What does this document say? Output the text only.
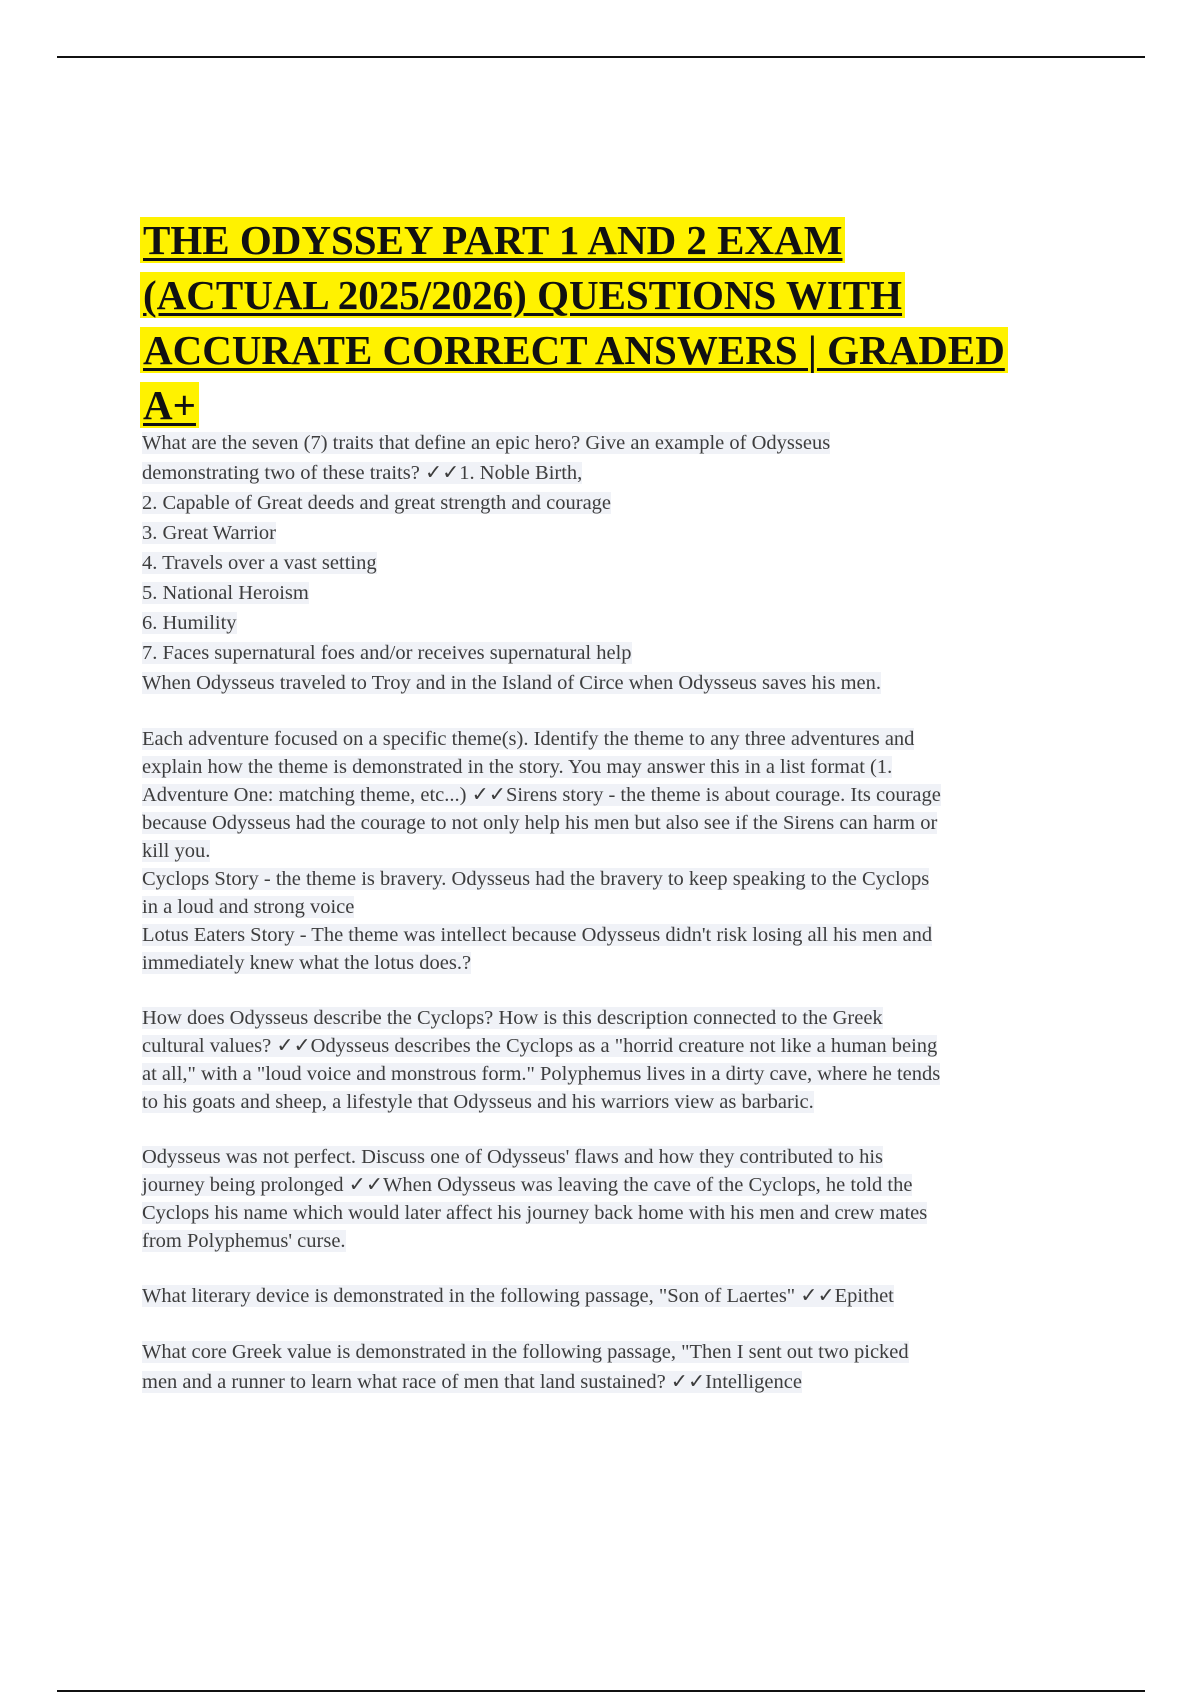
THE ODYSSEY PART 1 AND 2 EXAM
(ACTUAL 2025/2026) QUESTIONS WITH
ACCURATE CORRECT ANSWERS | GRADED
A+
What are the seven (7) traits that define an epic hero? Give an example of Odysseus
demonstrating two of these traits? ✓✓1. Noble Birth,
2. Capable of Great deeds and great strength and courage
3. Great Warrior
4. Travels over a vast setting
5. National Heroism
6. Humility
7. Faces supernatural foes and/or receives supernatural help
When Odysseus traveled to Troy and in the Island of Circe when Odysseus saves his men.
Each adventure focused on a specific theme(s). Identify the theme to any three adventures and
explain how the theme is demonstrated in the story. You may answer this in a list format (1.
Adventure One: matching theme, etc...) ✓✓Sirens story - the theme is about courage. Its courage
because Odysseus had the courage to not only help his men but also see if the Sirens can harm or
kill you.
Cyclops Story - the theme is bravery. Odysseus had the bravery to keep speaking to the Cyclops
in a loud and strong voice
Lotus Eaters Story - The theme was intellect because Odysseus didn't risk losing all his men and
immediately knew what the lotus does.?
How does Odysseus describe the Cyclops? How is this description connected to the Greek
cultural values? ✓✓Odysseus describes the Cyclops as a "horrid creature not like a human being
at all," with a "loud voice and monstrous form." Polyphemus lives in a dirty cave, where he tends
to his goats and sheep, a lifestyle that Odysseus and his warriors view as barbaric.
Odysseus was not perfect. Discuss one of Odysseus' flaws and how they contributed to his
journey being prolonged ✓✓When Odysseus was leaving the cave of the Cyclops, he told the
Cyclops his name which would later affect his journey back home with his men and crew mates
from Polyphemus' curse.
What literary device is demonstrated in the following passage, "Son of Laertes" ✓✓Epithet
What core Greek value is demonstrated in the following passage, "Then I sent out two picked
men and a runner to learn what race of men that land sustained? ✓✓Intelligence
